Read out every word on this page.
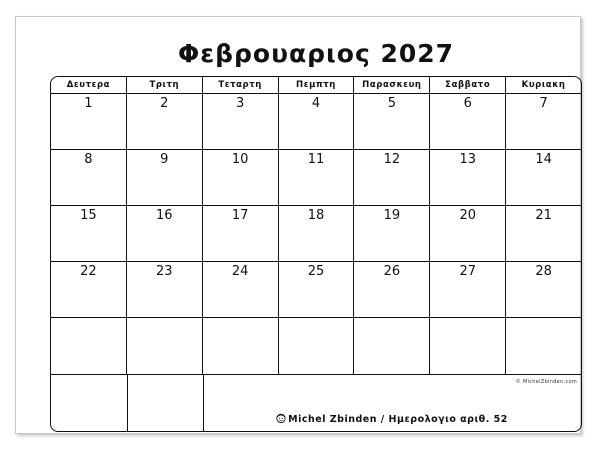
Φεβρουαριος 2027
Δευτερα	Τριτη	Τεταρτη	Πεμπτη	Παρασκευη	Σαββατο	Κυριακη
1	2	3	4	5	6	7
8	9	10	11	12	13	14
15	16	17	18	19	20	21
22	23	24	25	26	27	28
© MichelZbinden.com
Michel Zbinden / Ημερολογιο αριθ. 52
